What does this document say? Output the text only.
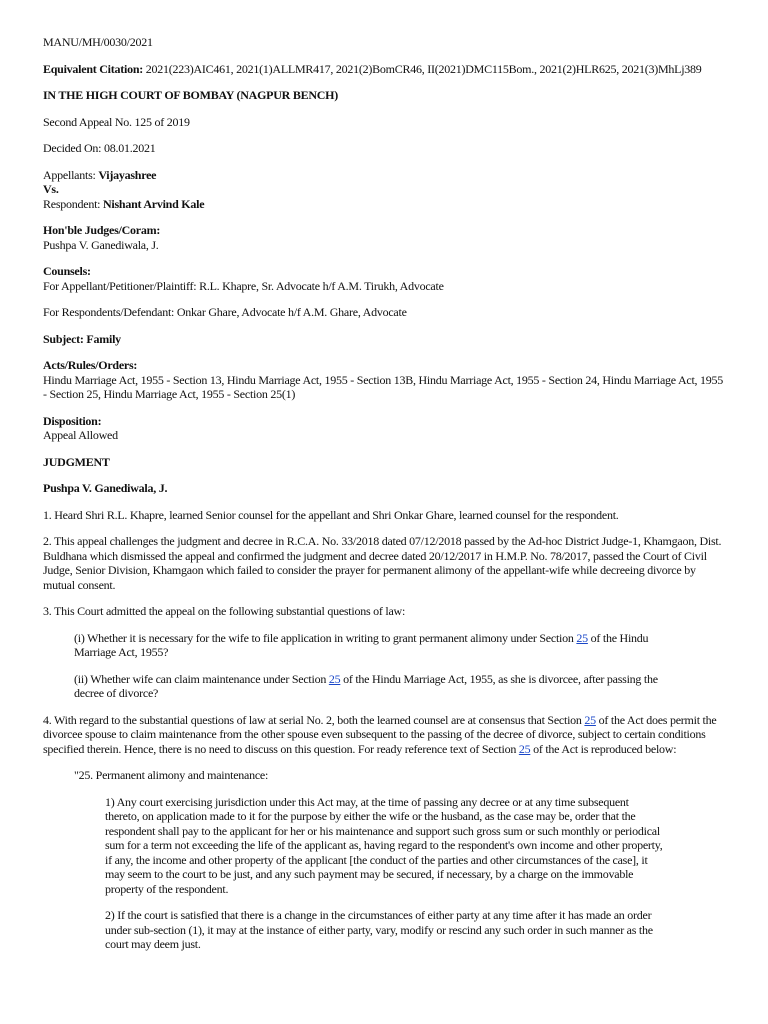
MANU/MH/0030/2021

Equivalent Citation: 2021(223)AIC461, 2021(1)ALLMR417, 2021(2)BomCR46, II(2021)DMC115Bom., 2021(2)HLR625, 2021(3)MhLj389

IN THE HIGH COURT OF BOMBAY (NAGPUR BENCH)

Second Appeal No. 125 of 2019

Decided On: 08.01.2021

Appellants: Vijayashree

Vs.

Respondent: Nishant Arvind Kale

Hon'ble Judges/Coram:

Pushpa V. Ganediwala, J.

Counsels:

For Appellant/Petitioner/Plaintiff: R.L. Khapre, Sr. Advocate h/f A.M. Tirukh, Advocate

For Respondents/Defendant: Onkar Ghare, Advocate h/f A.M. Ghare, Advocate

Subject: Family

Acts/Rules/Orders:

Hindu Marriage Act, 1955 - Section 13, Hindu Marriage Act, 1955 - Section 13B, Hindu Marriage Act, 1955 - Section 24, Hindu Marriage Act, 1955 - Section 25, Hindu Marriage Act, 1955 - Section 25(1)

Disposition:

Appeal Allowed

JUDGMENT

Pushpa V. Ganediwala, J.

1. Heard Shri R.L. Khapre, learned Senior counsel for the appellant and Shri Onkar Ghare, learned counsel for the respondent.

2. This appeal challenges the judgment and decree in R.C.A. No. 33/2018 dated 07/12/2018 passed by the Ad-hoc District Judge-1, Khamgaon, Dist. Buldhana which dismissed the appeal and confirmed the judgment and decree dated 20/12/2017 in H.M.P. No. 78/2017, passed the Court of Civil Judge, Senior Division, Khamgaon which failed to consider the prayer for permanent alimony of the appellant-wife while decreeing divorce by mutual consent.

3. This Court admitted the appeal on the following substantial questions of law:

(i) Whether it is necessary for the wife to file application in writing to grant permanent alimony under Section 25 of the Hindu Marriage Act, 1955?

(ii) Whether wife can claim maintenance under Section 25 of the Hindu Marriage Act, 1955, as she is divorcee, after passing the decree of divorce?

4. With regard to the substantial questions of law at serial No. 2, both the learned counsel are at consensus that Section 25 of the Act does permit the divorcee spouse to claim maintenance from the other spouse even subsequent to the passing of the decree of divorce, subject to certain conditions specified therein. Hence, there is no need to discuss on this question. For ready reference text of Section 25 of the Act is reproduced below:

"25. Permanent alimony and maintenance:

1) Any court exercising jurisdiction under this Act may, at the time of passing any decree or at any time subsequent thereto, on application made to it for the purpose by either the wife or the husband, as the case may be, order that the respondent shall pay to the applicant for her or his maintenance and support such gross sum or such monthly or periodical sum for a term not exceeding the life of the applicant as, having regard to the respondent's own income and other property, if any, the income and other property of the applicant [the conduct of the parties and other circumstances of the case], it may seem to the court to be just, and any such payment may be secured, if necessary, by a charge on the immovable property of the respondent.

2) If the court is satisfied that there is a change in the circumstances of either party at any time after it has made an order under sub-section (1), it may at the instance of either party, vary, modify or rescind any such order in such manner as the court may deem just.
